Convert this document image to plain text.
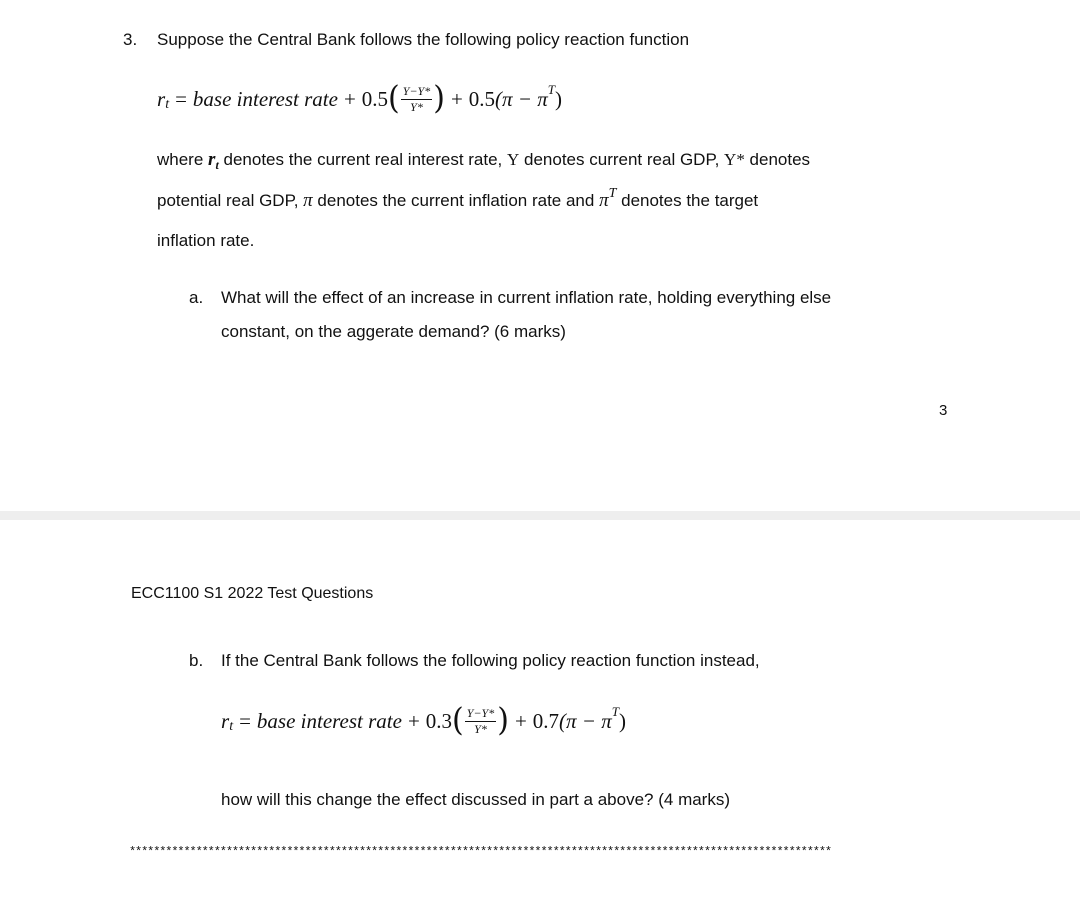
3. Suppose the Central Bank follows the following policy reaction function
r t = base interest rate + 0.5 ( $\frac{Y-Y*}{Y*}$ ) + 0.5 (π − π T )
where $r_t$ denotes the current real interest rate, Y denotes current real GDP, Y* denotes
potential real GDP, π denotes the current inflation rate and $\pi^T$ denotes the target
inflation rate.
a. What will the effect of an increase in current inflation rate, holding everything else
constant, on the aggerate demand? (6 marks)
3
ECC1100 S1 2022 Test Questions
b. If the Central Bank follows the following policy reaction function instead,
r t = base interest rate + 0.3 ( $\frac{Y-Y*}{Y*}$ ) + 0.7 (π − π T )
how will this change the effect discussed in part a above? (4 marks)
********************************************************************************************************************
